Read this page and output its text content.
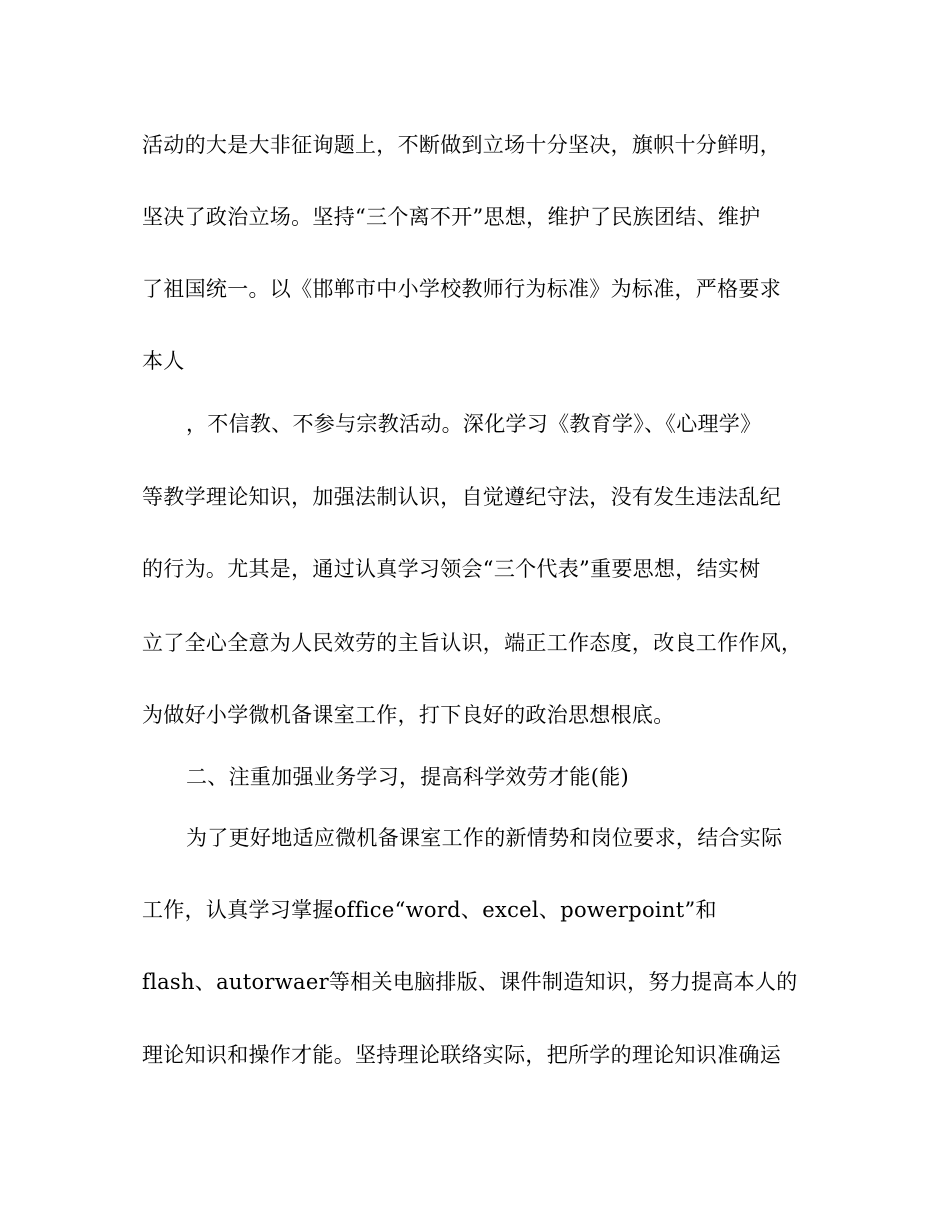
活动的大是大非征询题上，不断做到立场十分坚决，旗帜十分鲜明，
坚决了政治立场。坚持“三个离不开”思想，维护了民族团结、维护
了祖国统一。以《邯郸市中小学校教师行为标准》为标准，严格要求
本人
，不信教、不参与宗教活动。深化学习《教育学》、《心理学》
等教学理论知识，加强法制认识，自觉遵纪守法，没有发生违法乱纪
的行为。尤其是，通过认真学习领会“三个代表”重要思想，结实树
立了全心全意为人民效劳的主旨认识，端正工作态度，改良工作作风，
为做好小学微机备课室工作，打下良好的政治思想根底。
二、注重加强业务学习，提高科学效劳才能(能)
为了更好地适应微机备课室工作的新情势和岗位要求，结合实际
工作，认真学习掌握office“word、excel、powerpoint”和
flash、autorwaer等相关电脑排版、课件制造知识，努力提高本人的
理论知识和操作才能。坚持理论联络实际，把所学的理论知识准确运
